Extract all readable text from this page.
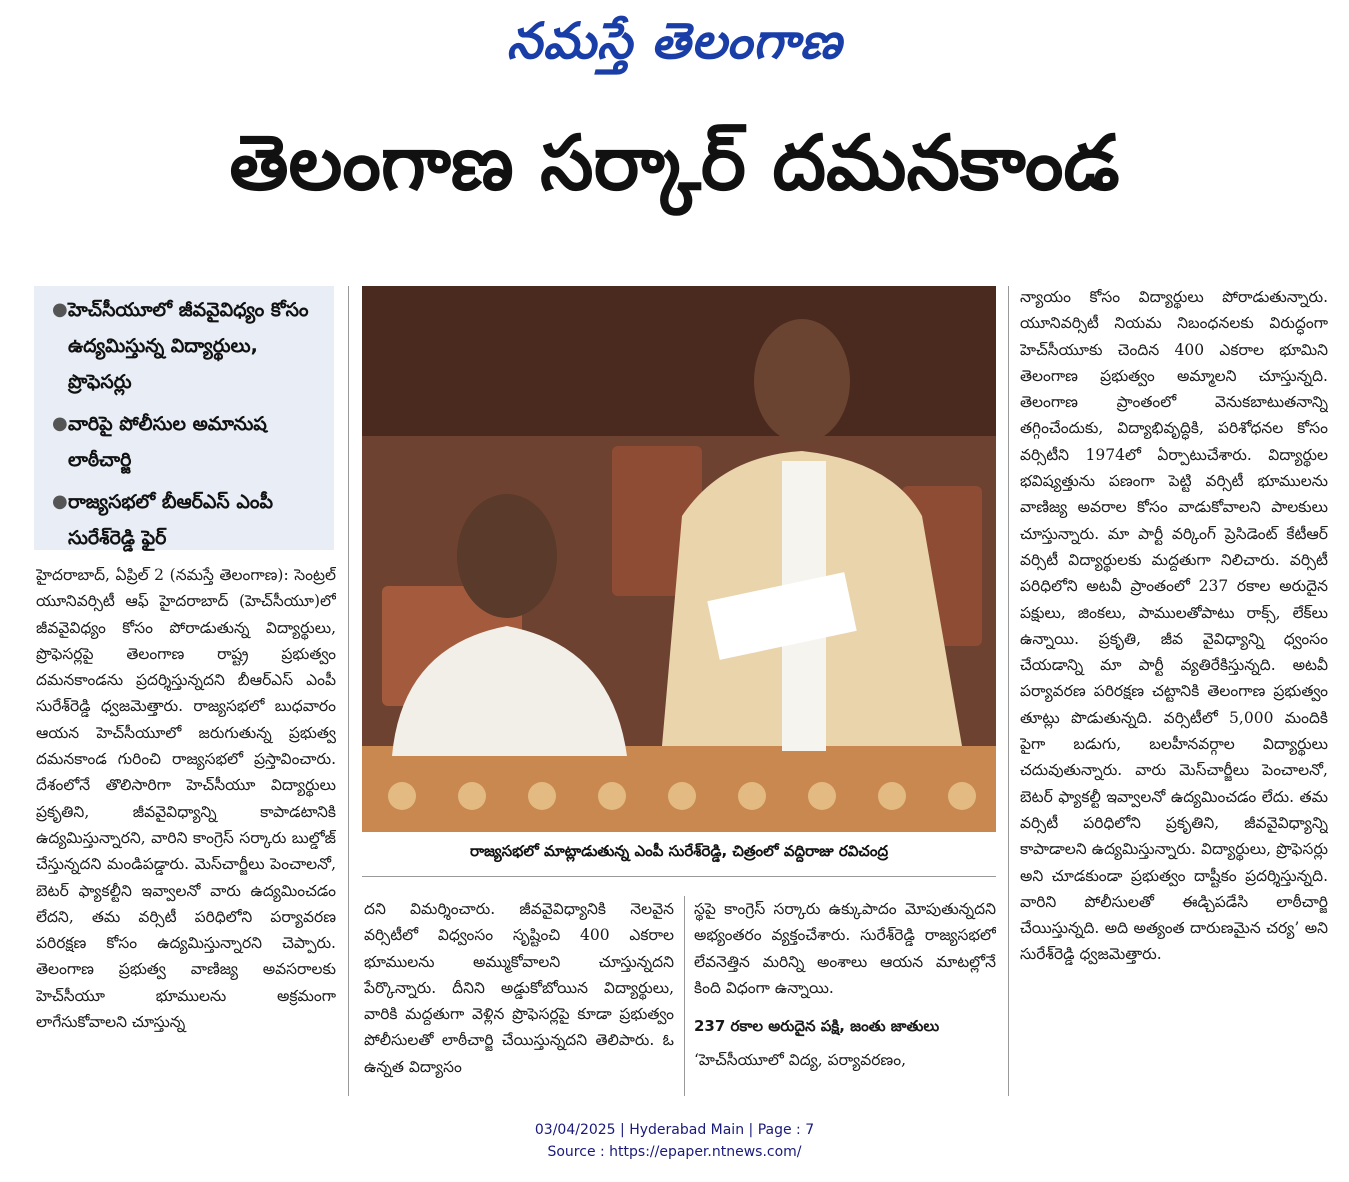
నమస్తే తెలంగాణ
తెలంగాణ సర్కార్ దమనకాండ
● హెచ్‌సీయూలో జీవవైవిధ్యం కోసం ఉద్యమిస్తున్న విద్యార్థులు, ప్రొఫెసర్లు
● వారిపై పోలీసుల అమానుష లాఠీచార్జి
● రాజ్యసభలో బీఆర్‌ఎస్ ఎంపీ సురేశ్‌రెడ్డి ఫైర్
రాజ్యసభలో మాట్లాడుతున్న ఎంపీ సురేశ్‌రెడ్డి, చిత్రంలో వద్దిరాజు రవిచంద్ర

హైదరాబాద్, ఏప్రిల్ 2 (నమస్తే తెలంగాణ): సెంట్రల్ యూనివర్సిటీ ఆఫ్ హైదరాబాద్ (హెచ్‌సీయూ)లో జీవవైవిధ్యం కోసం పోరాడుతున్న విద్యార్థులు, ప్రొఫెసర్లపై తెలంగాణ రాష్ట్ర ప్రభుత్వం దమనకాండను ప్రదర్శిస్తున్నదని బీఆర్‌ఎస్ ఎంపీ సురేశ్‌రెడ్డి ధ్వజమెత్తారు. రాజ్యసభలో బుధవారం ఆయన హెచ్‌సీయూలో జరుగుతున్న ప్రభుత్వ దమనకాండ గురించి రాజ్యసభలో ప్రస్తావించారు. దేశంలోనే తొలిసారిగా హెచ్‌సీయూ విద్యార్థులు ప్రకృతిని, జీవవైవిధ్యాన్ని కాపాడటానికి ఉద్యమిస్తున్నారని, వారిని కాంగ్రెస్ సర్కారు బుల్డోజ్ చేస్తున్నదని మండిపడ్డారు. మెస్‌చార్జీలు పెంచాలనో, బెటర్ ఫ్యాకల్టీని ఇవ్వాలనో వారు ఉద్యమించడం లేదని, తమ వర్సిటీ పరిధిలోని పర్యావరణ పరిరక్షణ కోసం ఉద్యమిస్తున్నారని చెప్పారు. తెలంగాణ ప్రభుత్వ వాణిజ్య అవసరాలకు హెచ్‌సీయూ భూములను అక్రమంగా లాగేసుకోవాలని చూస్తున్న

దని విమర్శించారు. జీవవైవిధ్యానికి నెలవైన వర్సిటీలో విధ్వంసం సృష్టించి 400 ఎకరాల భూములను అమ్ముకోవాలని చూస్తున్నదని పేర్కొన్నారు. దీనిని అడ్డుకోబోయిన విద్యార్థులు, వారికి మద్దతుగా వెళ్లిన ప్రొఫెసర్లపై కూడా ప్రభుత్వం పోలీసులతో లాఠీచార్జి చేయిస్తున్నదని తెలిపారు. ఓ ఉన్నత విద్యాసం

స్థపై కాంగ్రెస్ సర్కారు ఉక్కుపాదం మోపుతున్నదని అభ్యంతరం వ్యక్తంచేశారు. సురేశ్‌రెడ్డి రాజ్యసభలో లేవనెత్తిన మరిన్ని అంశాలు ఆయన మాటల్లోనే కింది విధంగా ఉన్నాయి.

237 రకాల అరుదైన పక్షి, జంతు జాతులు

‘హెచ్‌సీయూలో విద్య, పర్యావరణం,

న్యాయం కోసం విద్యార్థులు పోరాడుతున్నారు. యూనివర్సిటీ నియమ నిబంధనలకు విరుద్ధంగా హెచ్‌సీయూకు చెందిన 400 ఎకరాల భూమిని తెలంగాణ ప్రభుత్వం అమ్మాలని చూస్తున్నది. తెలంగాణ ప్రాంతంలో వెనుకబాటుతనాన్ని తగ్గించేందుకు, విద్యాభివృద్ధికి, పరిశోధనల కోసం వర్సిటీని 1974లో ఏర్పాటుచేశారు. విద్యార్థుల భవిష్యత్తును పణంగా పెట్టి వర్సిటీ భూములను వాణిజ్య అవరాల కోసం వాడుకోవాలని పాలకులు చూస్తున్నారు. మా పార్టీ వర్కింగ్ ప్రెసిడెంట్ కేటీఆర్ వర్సిటీ విద్యార్థులకు మద్దతుగా నిలిచారు. వర్సిటీ పరిధిలోని అటవీ ప్రాంతంలో 237 రకాల అరుదైన పక్షులు, జింకలు, పాములతోపాటు రాక్స్, లేక్‌లు ఉన్నాయి. ప్రకృతి, జీవ వైవిధ్యాన్ని ధ్వంసం చేయడాన్ని మా పార్టీ వ్యతిరేకిస్తున్నది. అటవీ పర్యావరణ పరిరక్షణ చట్టానికి తెలంగాణ ప్రభుత్వం తూట్లు పొడుతున్నది. వర్సిటీలో 5,000 మందికి పైగా బడుగు, బలహీనవర్గాల విద్యార్థులు చదువుతున్నారు. వారు మెస్‌చార్జీలు పెంచాలనో, బెటర్ ఫ్యాకల్టీ ఇవ్వాలనో ఉద్యమించడం లేదు. తమ వర్సిటీ పరిధిలోని ప్రకృతిని, జీవవైవిధ్యాన్ని కాపాడాలని ఉద్యమిస్తున్నారు. విద్యార్థులు, ప్రొఫెసర్లు అని చూడకుండా ప్రభుత్వం దాష్టీకం ప్రదర్శిస్తున్నది. వారిని పోలీసులతో ఈడ్చిపడేసి లాఠీచార్జి చేయిస్తున్నది. అది అత్యంత దారుణమైన చర్య’ అని సురేశ్‌రెడ్డి ధ్వజమెత్తారు.

03/04/2025 | Hyderabad Main | Page : 7
Source : https://epaper.ntnews.com/
